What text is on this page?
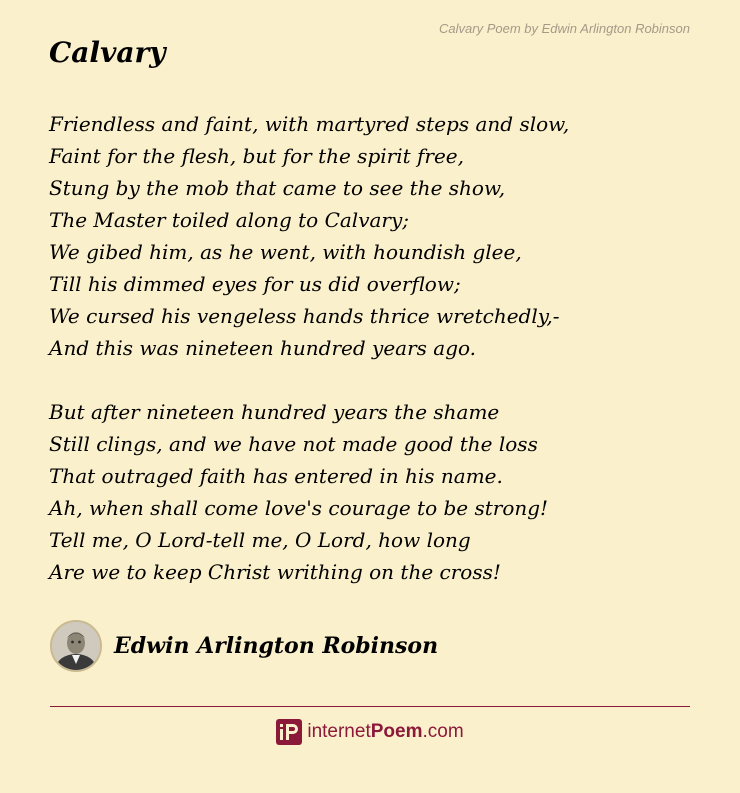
Calvary Poem by Edwin Arlington Robinson
Calvary
Friendless and faint, with martyred steps and slow,
Faint for the flesh, but for the spirit free,
Stung by the mob that came to see the show,
The Master toiled along to Calvary;
We gibed him, as he went, with houndish glee,
Till his dimmed eyes for us did overflow;
We cursed his vengeless hands thrice wretchedly,-
And this was nineteen hundred years ago.
But after nineteen hundred years the shame
Still clings, and we have not made good the loss
That outraged faith has entered in his name.
Ah, when shall come love's courage to be strong!
Tell me, O Lord-tell me, O Lord, how long
Are we to keep Christ writhing on the cross!
Edwin Arlington Robinson
internetPoem.com
